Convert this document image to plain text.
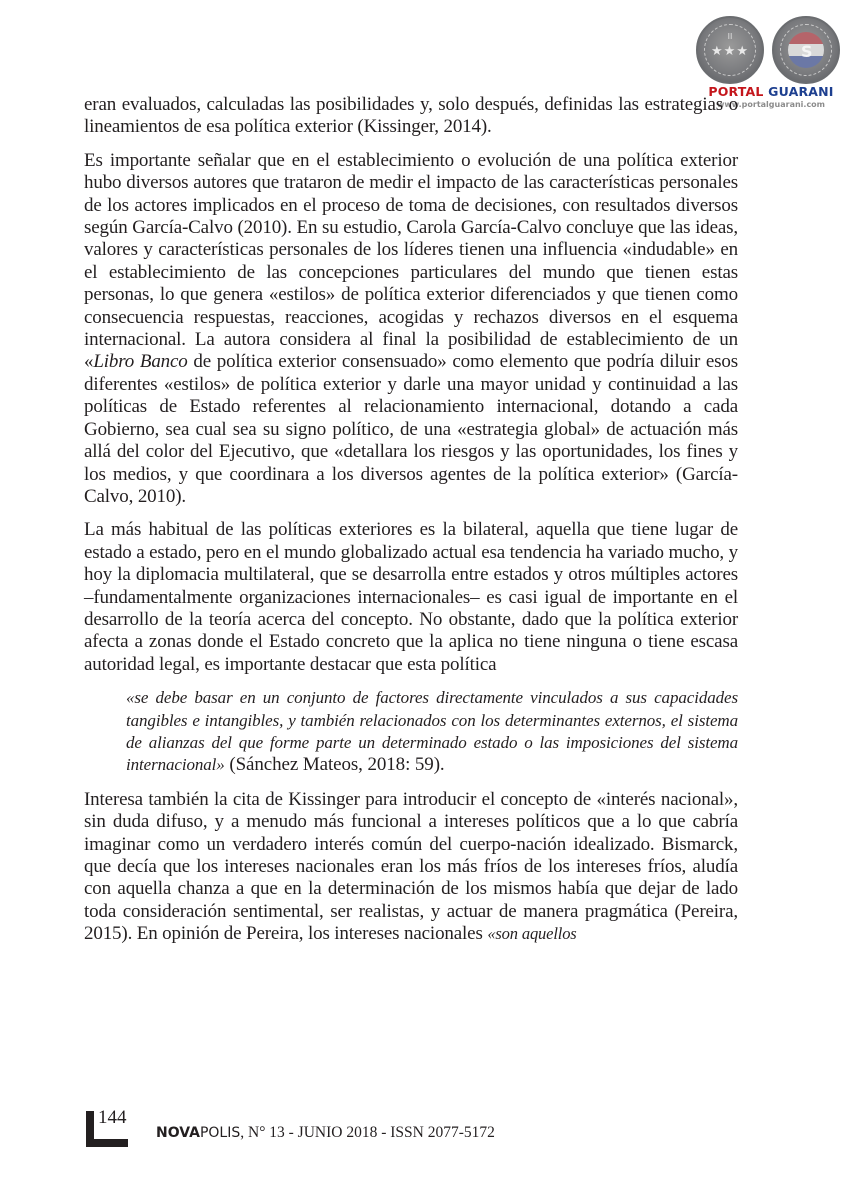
II
★★★	S
PORTAL GUARANI
www.portalguarani.com

eran evaluados, calculadas las posibilidades y, solo después, definidas las estrategias o lineamientos de esa política exterior (Kissinger, 2014).

Es importante señalar que en el establecimiento o evolución de una política exterior hubo diversos autores que trataron de medir el impacto de las características personales de los actores implicados en el proceso de toma de decisiones, con resultados diversos según García-Calvo (2010). En su estudio, Carola García-Calvo concluye que las ideas, valores y características personales de los líderes tienen una influencia «indudable» en el establecimiento de las concepciones particulares del mundo que tienen estas personas, lo que genera «estilos» de política exterior diferenciados y que tienen como consecuencia respuestas, reacciones, acogidas y rechazos diversos en el esquema internacional. La autora considera al final la posibilidad de establecimiento de un «Libro Banco de política exterior consensuado» como elemento que podría diluir esos diferentes «estilos» de política exterior y darle una mayor unidad y continuidad a las políticas de Estado referentes al relacionamiento internacional, dotando a cada Gobierno, sea cual sea su signo político, de una «estrategia global» de actuación más allá del color del Ejecutivo, que «detallara los riesgos y las oportunidades, los fines y los medios, y que coordinara a los diversos agentes de la política exterior» (García-Calvo, 2010).

La más habitual de las políticas exteriores es la bilateral, aquella que tiene lugar de estado a estado, pero en el mundo globalizado actual esa tendencia ha variado mucho, y hoy la diplomacia multilateral, que se desarrolla entre estados y otros múltiples actores –fundamentalmente organizaciones internacionales– es casi igual de importante en el desarrollo de la teoría acerca del concepto. No obstante, dado que la política exterior afecta a zonas donde el Estado concreto que la aplica no tiene ninguna o tiene escasa autoridad legal, es importante destacar que esta política

«se debe basar en un conjunto de factores directamente vinculados a sus capacidades tangibles e intangibles, y también relacionados con los determinantes externos, el sistema de alianzas del que forme parte un determinado estado o las imposiciones del sistema internacional» (Sánchez Mateos, 2018: 59).

Interesa también la cita de Kissinger para introducir el concepto de «interés nacional», sin duda difuso, y a menudo más funcional a intereses políticos que a lo que cabría imaginar como un verdadero interés común del cuerpo-nación idealizado. Bismarck, que decía que los intereses nacionales eran los más fríos de los intereses fríos, aludía con aquella chanza a que en la determinación de los mismos había que dejar de lado toda consideración sentimental, ser realistas, y actuar de manera pragmática (Pereira, 2015). En opinión de Pereira, los intereses nacionales «son aquellos

144
NOVAPOLIS, N° 13 - JUNIO 2018 - ISSN 2077-5172
